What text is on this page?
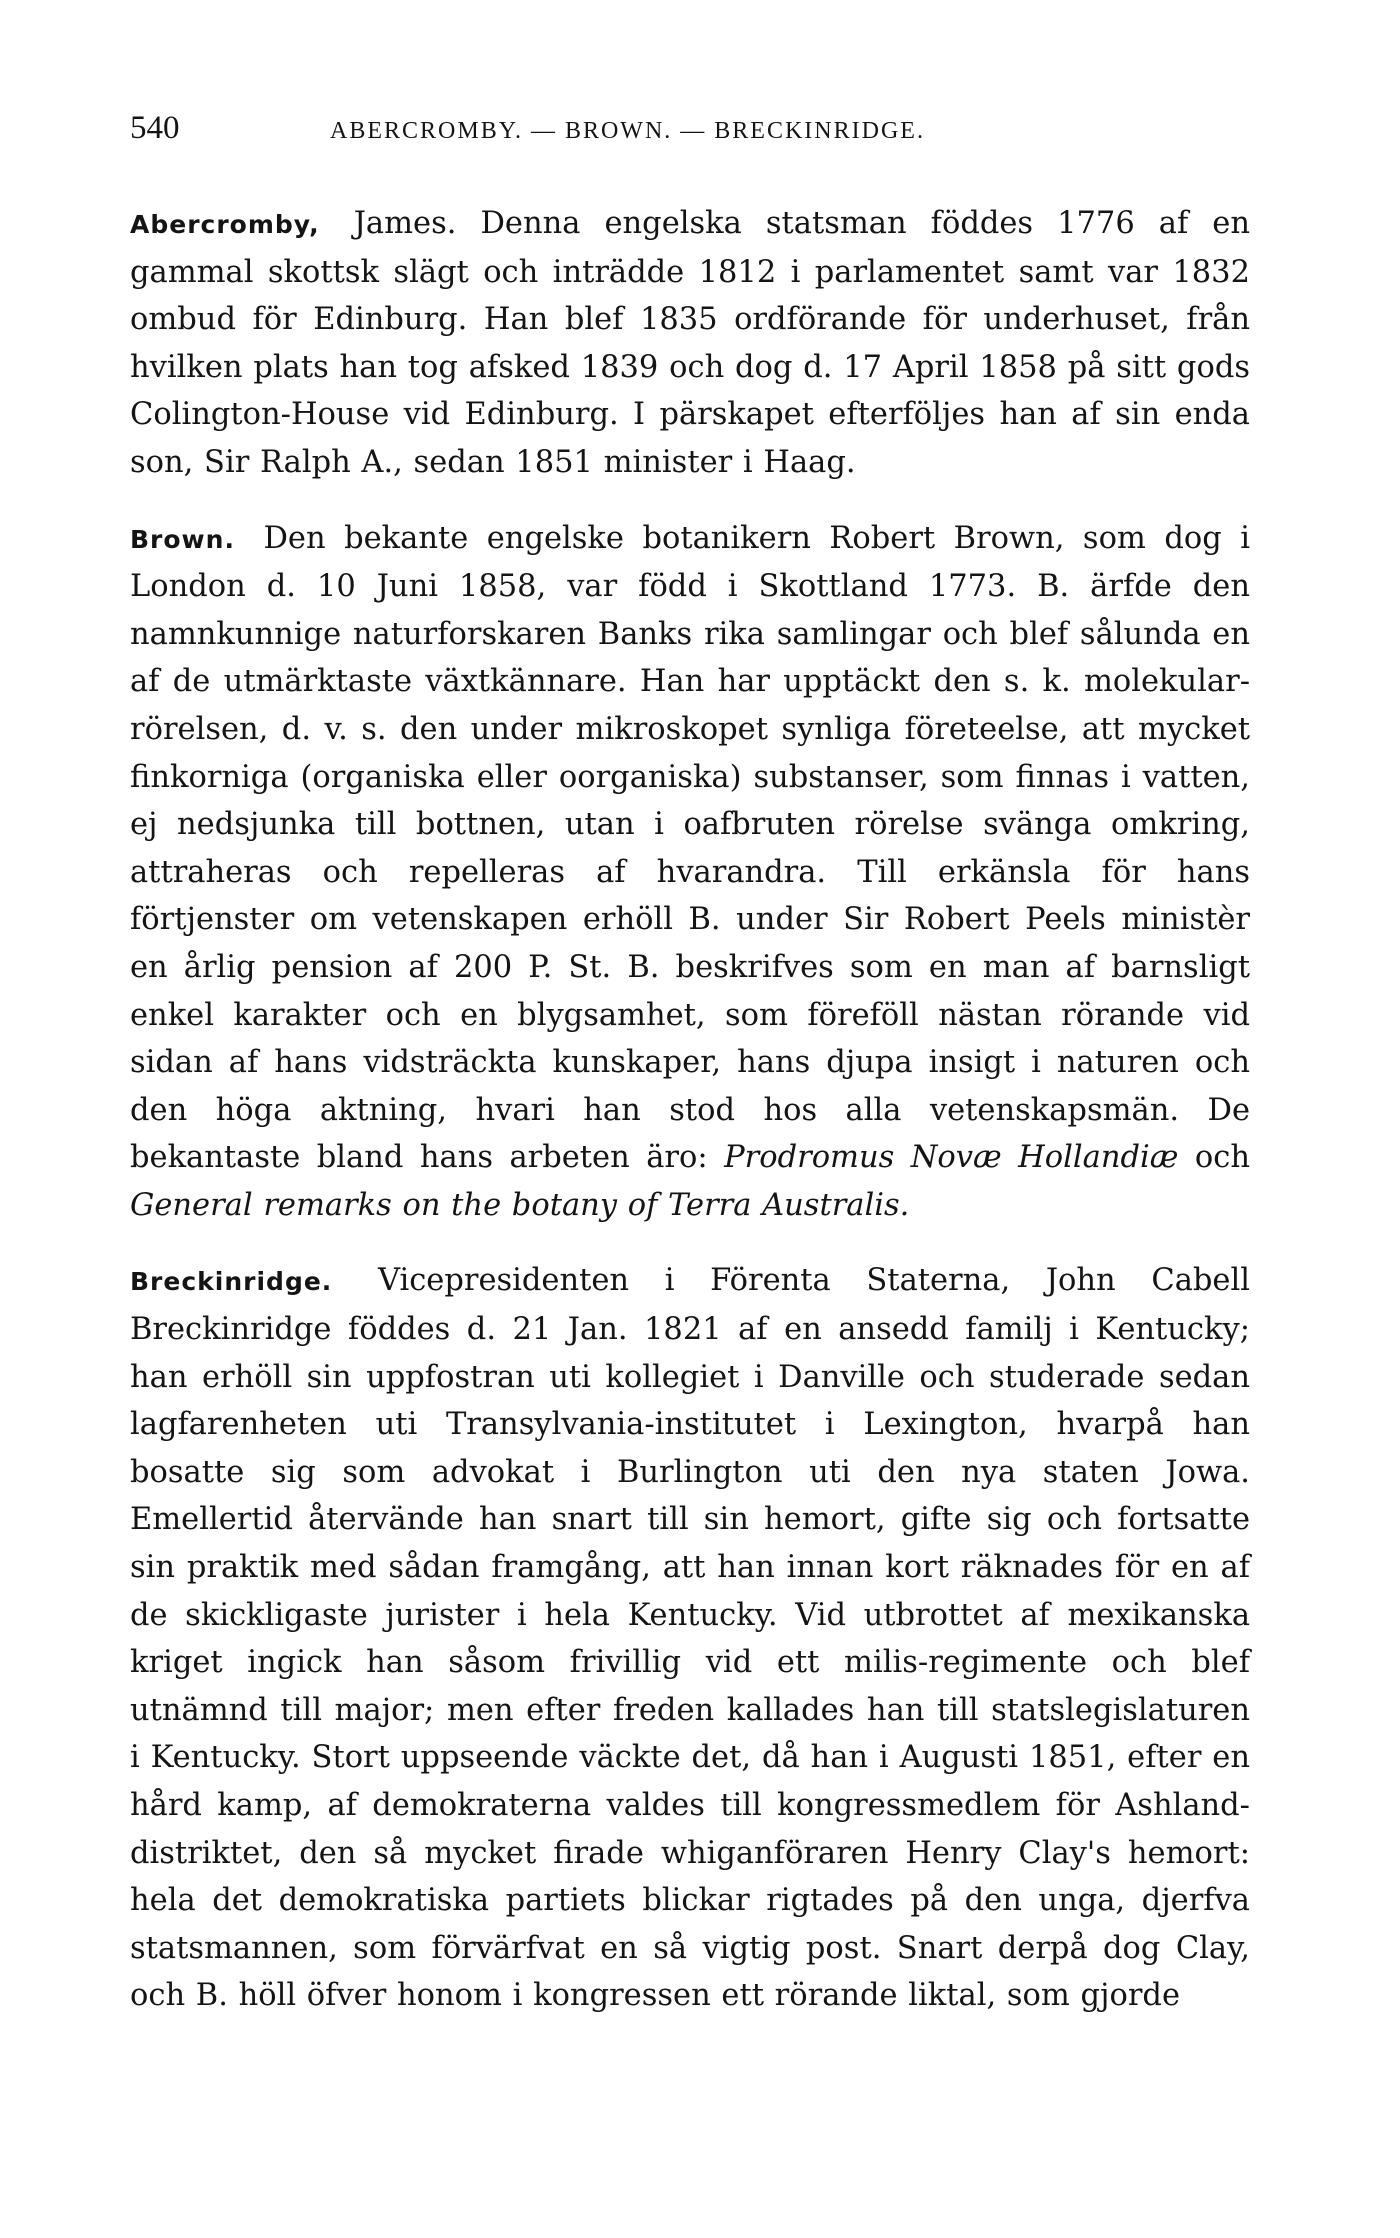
540	ABERCROMBY. — BROWN. — BRECKINRIDGE.

Abercromby, James. Denna engelska statsman föddes 1776 af en gammal skottsk slägt och inträdde 1812 i parlamentet samt var 1832 ombud för Edinburg. Han blef 1835 ordförande för underhuset, från hvilken plats han tog afsked 1839 och dog d. 17 April 1858 på sitt gods Colington-House vid Edinburg. I pärskapet efterföljes han af sin enda son, Sir Ralph A., sedan 1851 minister i Haag.

Brown. Den bekante engelske botanikern Robert Brown, som dog i London d. 10 Juni 1858, var född i Skottland 1773. B. ärfde den namnkunnige naturforskaren Banks rika samlingar och blef sålunda en af de utmärktaste växtkännare. Han har upptäckt den s. k. molekular-rörelsen, d. v. s. den under mikroskopet synliga företeelse, att mycket finkorniga (organiska eller oorganiska) substanser, som finnas i vatten, ej nedsjunka till bottnen, utan i oafbruten rörelse svänga omkring, attraheras och repelleras af hvarandra. Till erkänsla för hans förtjenster om vetenskapen erhöll B. under Sir Robert Peels ministèr en årlig pension af 200 P. St. B. beskrifves som en man af barnsligt enkel karakter och en blygsamhet, som föreföll nästan rörande vid sidan af hans vidsträckta kunskaper, hans djupa insigt i naturen och den höga aktning, hvari han stod hos alla vetenskapsmän. De bekantaste bland hans arbeten äro: Prodromus Novæ Hollandiæ och General remarks on the botany of Terra Australis.

Breckinridge. Vicepresidenten i Förenta Staterna, John Cabell Breckinridge föddes d. 21 Jan. 1821 af en ansedd familj i Kentucky; han erhöll sin uppfostran uti kollegiet i Danville och studerade sedan lagfarenheten uti Transylvania-institutet i Lexington, hvarpå han bosatte sig som advokat i Burlington uti den nya staten Jowa. Emellertid återvände han snart till sin hemort, gifte sig och fortsatte sin praktik med sådan framgång, att han innan kort räknades för en af de skickligaste jurister i hela Kentucky. Vid utbrottet af mexikanska kriget ingick han såsom frivillig vid ett milis-regimente och blef utnämnd till major; men efter freden kallades han till statslegislaturen i Kentucky. Stort uppseende väckte det, då han i Augusti 1851, efter en hård kamp, af demokraterna valdes till kongressmedlem för Ashland-distriktet, den så mycket firade whiganföraren Henry Clay's hemort: hela det demokratiska partiets blickar rigtades på den unga, djerfva statsmannen, som förvärfvat en så vigtig post. Snart derpå dog Clay, och B. höll öfver honom i kongressen ett rörande liktal, som gjorde
